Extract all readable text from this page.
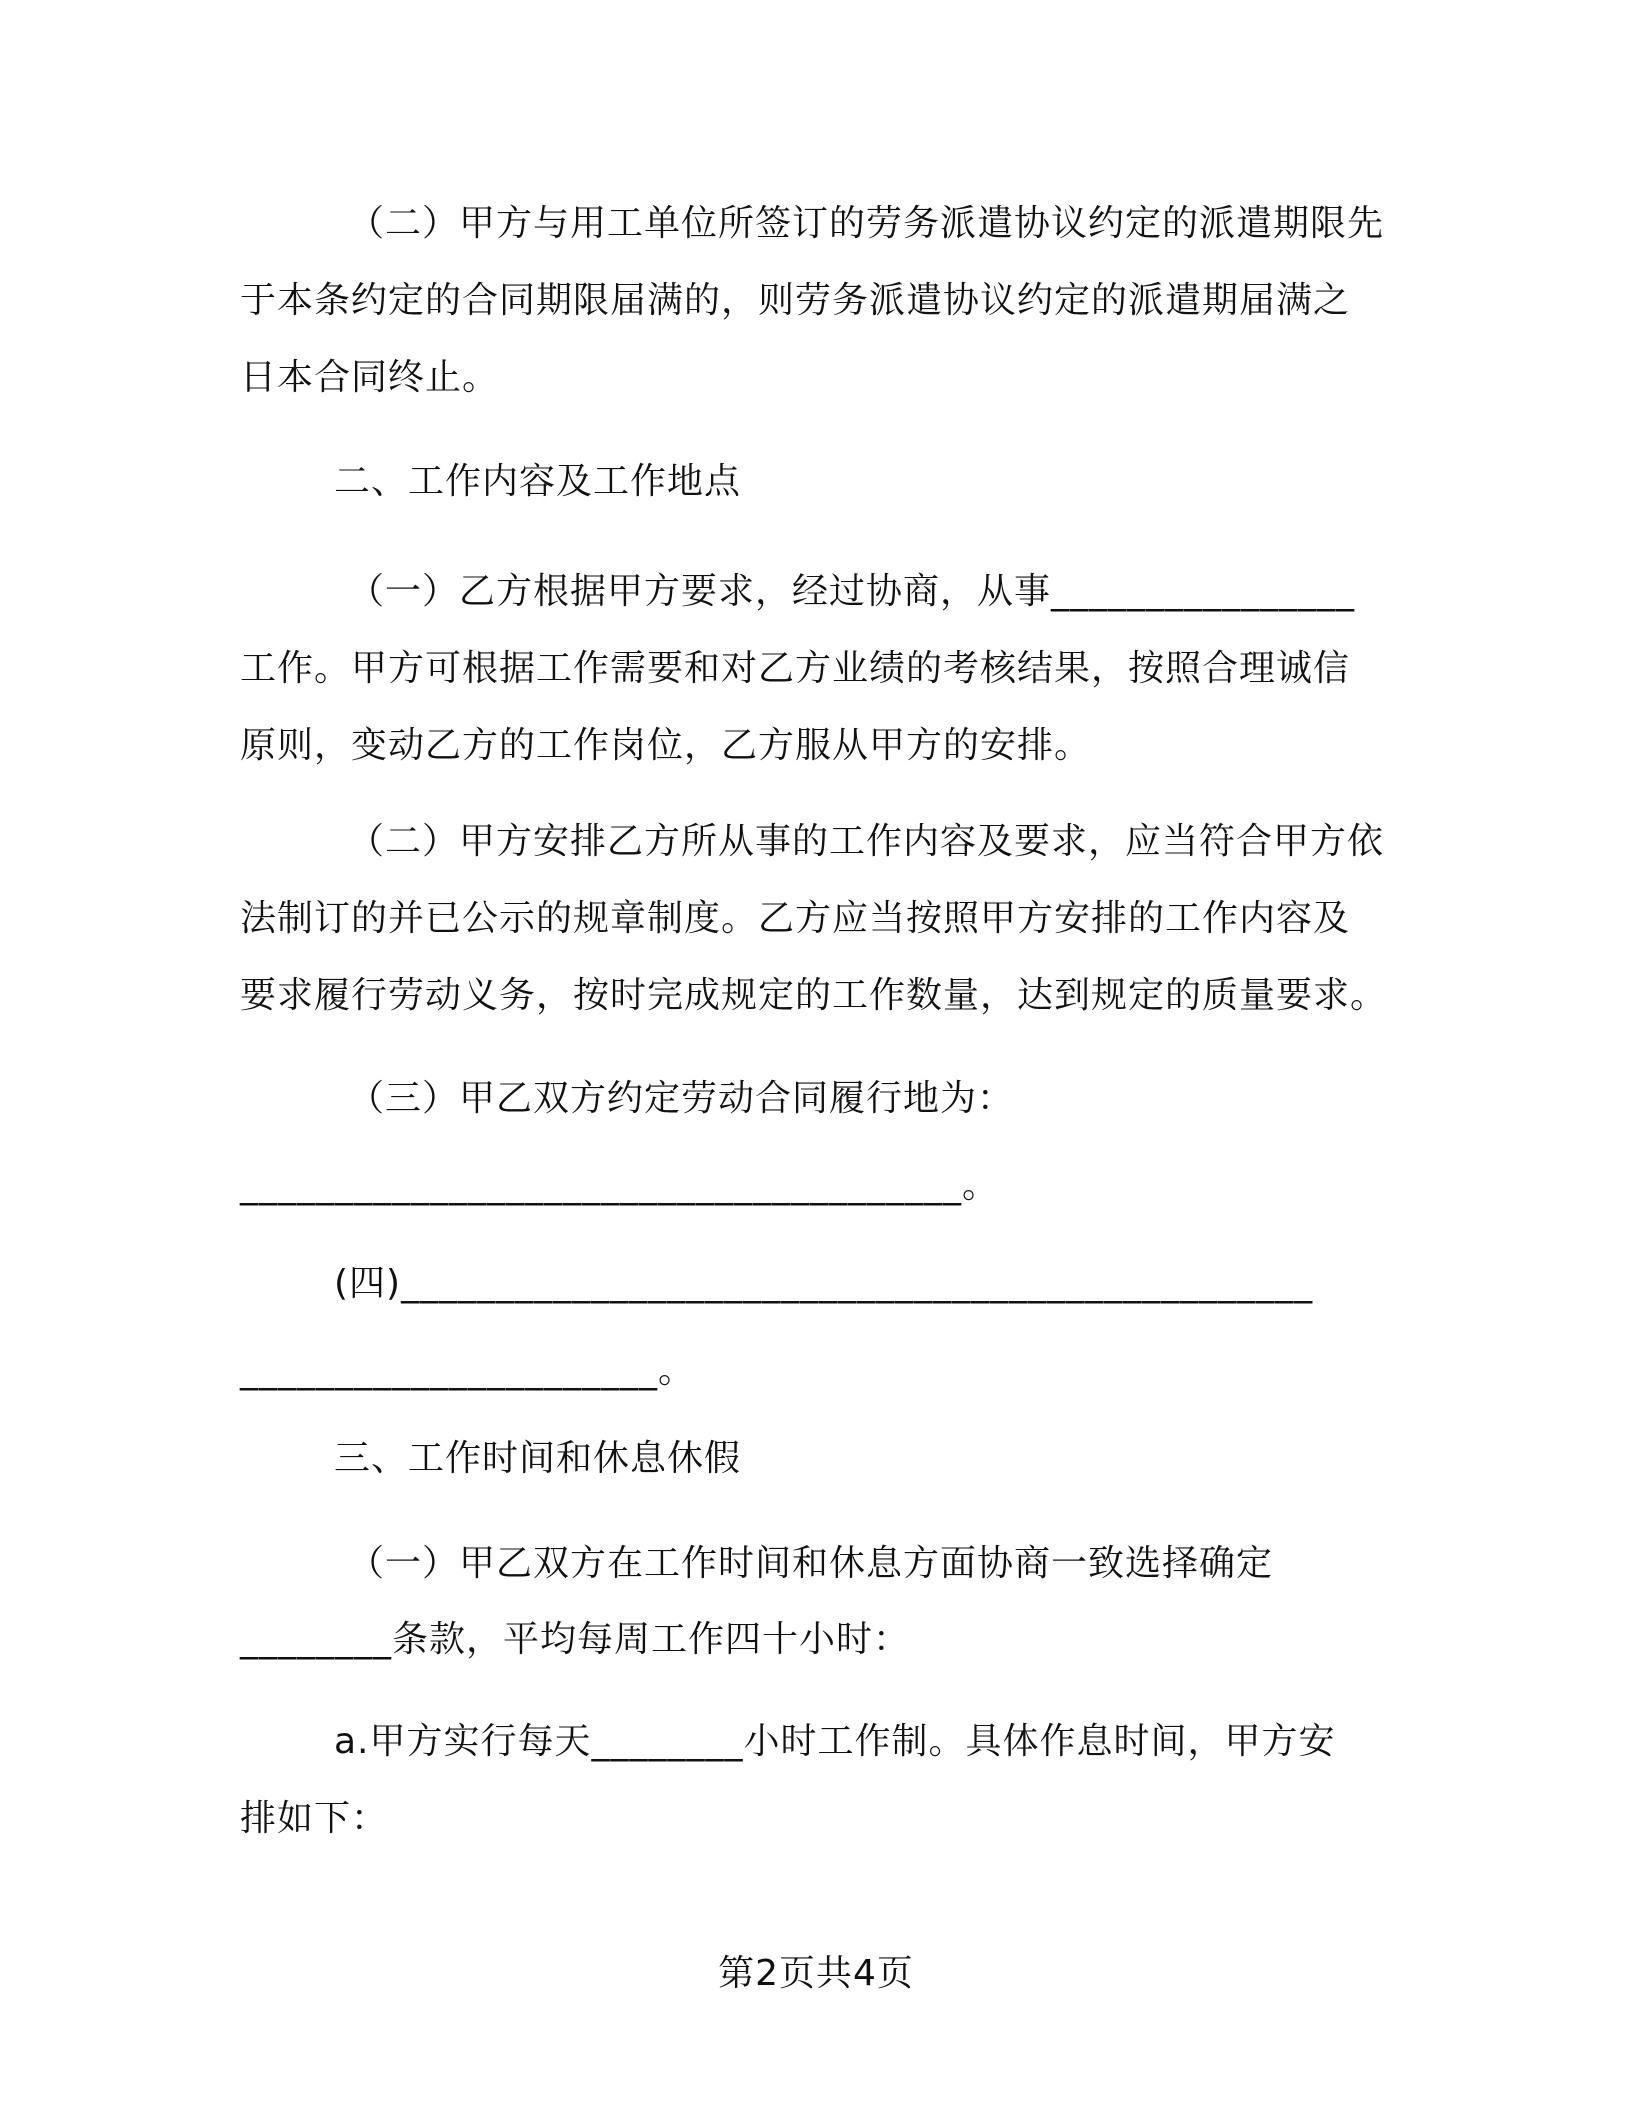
（二）甲方与用工单位所签订的劳务派遣协议约定的派遣期限先
于本条约定的合同期限届满的，则劳务派遣协议约定的派遣期届满之
日本合同终止。
二、工作内容及工作地点
（一）乙方根据甲方要求，经过协商，从事________________
工作。甲方可根据工作需要和对乙方业绩的考核结果，按照合理诚信
原则，变动乙方的工作岗位，乙方服从甲方的安排。
（二）甲方安排乙方所从事的工作内容及要求，应当符合甲方依
法制订的并已公示的规章制度。乙方应当按照甲方安排的工作内容及
要求履行劳动义务，按时完成规定的工作数量，达到规定的质量要求。
（三）甲乙双方约定劳动合同履行地为：
______________________________________。
(四)________________________________________________
______________________。
三、工作时间和休息休假
（一）甲乙双方在工作时间和休息方面协商一致选择确定
________条款，平均每周工作四十小时：
a.甲方实行每天________小时工作制。具体作息时间，甲方安
排如下：
第2页共4页
